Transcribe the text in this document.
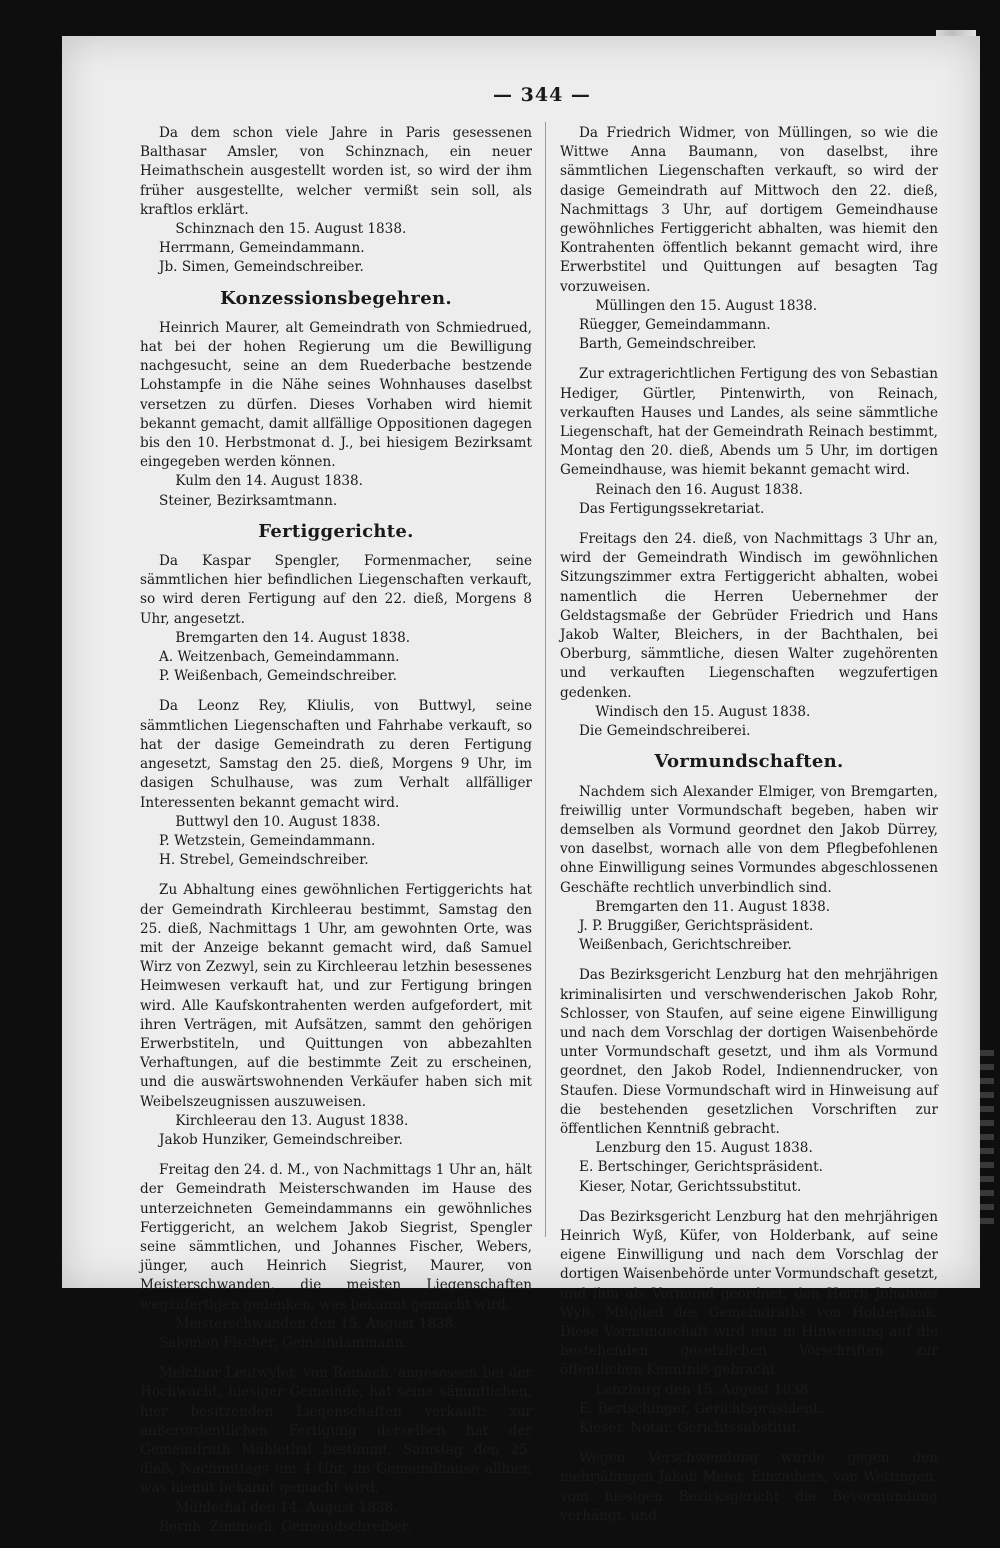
— 344 —

Da dem schon viele Jahre in Paris gesessenen Balthasar Amsler, von Schinznach, ein neuer Heimathschein ausgestellt worden ist, so wird der ihm früher ausgestellte, welcher vermißt sein soll, als kraftlos erklärt.

Schinznach den 15. August 1838.

Herrmann, Gemeindammann.

Jb. Simen, Gemeindschreiber.

Konzessionsbegehren.

Heinrich Maurer, alt Gemeindrath von Schmiedrued, hat bei der hohen Regierung um die Bewilligung nachgesucht, seine an dem Ruederbache bestzende Lohstampfe in die Nähe seines Wohnhauses daselbst versetzen zu dürfen. Dieses Vorhaben wird hiemit bekannt gemacht, damit allfällige Oppositionen dagegen bis den 10. Herbstmonat d. J., bei hiesigem Bezirksamt eingegeben werden können.

Kulm den 14. August 1838.

Steiner, Bezirksamtmann.

Fertiggerichte.

Da Kaspar Spengler, Formenmacher, seine sämmtlichen hier befindlichen Liegenschaften verkauft, so wird deren Fertigung auf den 22. dieß, Morgens 8 Uhr, angesetzt.

Bremgarten den 14. August 1838.

A. Weitzenbach, Gemeindammann.

P. Weißenbach, Gemeindschreiber.

Da Leonz Rey, Kliulis, von Buttwyl, seine sämmtlichen Liegenschaften und Fahrhabe verkauft, so hat der dasige Gemeindrath zu deren Fertigung angesetzt, Samstag den 25. dieß, Morgens 9 Uhr, im dasigen Schulhause, was zum Verhalt allfälliger Interessenten bekannt gemacht wird.

Buttwyl den 10. August 1838.

P. Wetzstein, Gemeindammann.

H. Strebel, Gemeindschreiber.

Zu Abhaltung eines gewöhnlichen Fertiggerichts hat der Gemeindrath Kirchleerau bestimmt, Samstag den 25. dieß, Nachmittags 1 Uhr, am gewohnten Orte, was mit der Anzeige bekannt gemacht wird, daß Samuel Wirz von Zezwyl, sein zu Kirchleerau letzhin besessenes Heimwesen verkauft hat, und zur Fertigung bringen wird. Alle Kaufskontrahenten werden aufgefordert, mit ihren Verträgen, mit Aufsätzen, sammt den gehörigen Erwerbstiteln, und Quittungen von abbezahlten Verhaftungen, auf die bestimmte Zeit zu erscheinen, und die auswärtswohnenden Verkäufer haben sich mit Weibelszeugnissen auszuweisen.

Kirchleerau den 13. August 1838.

Jakob Hunziker, Gemeindschreiber.

Freitag den 24. d. M., von Nachmittags 1 Uhr an, hält der Gemeindrath Meisterschwanden im Hause des unterzeichneten Gemeindammanns ein gewöhnliches Fertiggericht, an welchem Jakob Siegrist, Spengler seine sämmtlichen, und Johannes Fischer, Webers, jünger, auch Heinrich Siegrist, Maurer, von Meisterschwanden, die meisten Liegenschaften wegzufertigen gedenken, was bekannt gemacht wird.

Meisterschwanden den 15. August 1838.

Salomon Fischer, Gemeindammann.

Melchior Leutwyler, von Reinach, angesessen bei der Hochwacht, hiesiger Gemeinde, hat seine sämmtlichen, hier besitzenden Liegenschaften verkauft; zur außerordentlichen Fertigung derselben hat der Gemeindrath Mühlethal bestimmt, Samstag den 25. dieß, Nachmittags um 4 Uhr, im Gemeindhause allhier, was hiemit bekannt gemacht wird.

Mühlethal den 14. August 1838.

Bernh. Zimmerli, Gemeindschreiber.

Da Friedrich Widmer, von Müllingen, so wie die Wittwe Anna Baumann, von daselbst, ihre sämmtlichen Liegenschaften verkauft, so wird der dasige Gemeindrath auf Mittwoch den 22. dieß, Nachmittags 3 Uhr, auf dortigem Gemeindhause gewöhnliches Fertiggericht abhalten, was hiemit den Kontrahenten öffentlich bekannt gemacht wird, ihre Erwerbstitel und Quittungen auf besagten Tag vorzuweisen.

Müllingen den 15. August 1838.

Rüegger, Gemeindammann.

Barth, Gemeindschreiber.

Zur extragerichtlichen Fertigung des von Sebastian Hediger, Gürtler, Pintenwirth, von Reinach, verkauften Hauses und Landes, als seine sämmtliche Liegenschaft, hat der Gemeindrath Reinach bestimmt, Montag den 20. dieß, Abends um 5 Uhr, im dortigen Gemeindhause, was hiemit bekannt gemacht wird.

Reinach den 16. August 1838.

Das Fertigungssekretariat.

Freitags den 24. dieß, von Nachmittags 3 Uhr an, wird der Gemeindrath Windisch im gewöhnlichen Sitzungszimmer extra Fertiggericht abhalten, wobei namentlich die Herren Uebernehmer der Geldstagsmaße der Gebrüder Friedrich und Hans Jakob Walter, Bleichers, in der Bachthalen, bei Oberburg, sämmtliche, diesen Walter zugehörenten und verkauften Liegenschaften wegzufertigen gedenken.

Windisch den 15. August 1838.

Die Gemeindschreiberei.

Vormundschaften.

Nachdem sich Alexander Elmiger, von Bremgarten, freiwillig unter Vormundschaft begeben, haben wir demselben als Vormund geordnet den Jakob Dürrey, von daselbst, wornach alle von dem Pflegbefohlenen ohne Einwilligung seines Vormundes abgeschlossenen Geschäfte rechtlich unverbindlich sind.

Bremgarten den 11. August 1838.

J. P. Bruggißer, Gerichtspräsident.

Weißenbach, Gerichtschreiber.

Das Bezirksgericht Lenzburg hat den mehrjährigen kriminalisirten und verschwenderischen Jakob Rohr, Schlosser, von Staufen, auf seine eigene Einwilligung und nach dem Vorschlag der dortigen Waisenbehörde unter Vormundschaft gesetzt, und ihm als Vormund geordnet, den Jakob Rodel, Indiennendrucker, von Staufen. Diese Vormundschaft wird in Hinweisung auf die bestehenden gesetzlichen Vorschriften zur öffentlichen Kenntniß gebracht.

Lenzburg den 15. August 1838.

E. Bertschinger, Gerichtspräsident.

Kieser, Notar, Gerichtssubstitut.

Das Bezirksgericht Lenzburg hat den mehrjährigen Heinrich Wyß, Küfer, von Holderbank, auf seine eigene Einwilligung und nach dem Vorschlag der dortigen Waisenbehörde unter Vormundschaft gesetzt, und ihm als Vormund geordnet, den Herrn Johannes Wyß, Mitglied des Gemeindraths von Holderbank. Diese Vormundschaft wird nun in Hinweisung auf die bestehenden gesetzlichen Vorschriften zur öffentlichen Kenntniß gebracht.

Lenzburg den 15. August 1838.

E. Bertschinger, Gerichtspräsident.

Kieser, Notar, Gerichtssubstitut.

Wegen Verschwendung wurde gegen den mehrjährigen Jakob Meier, Einziehers, von Wettingen, vom hiesigen Bezirksgericht die Bevormundung verhängt, und
